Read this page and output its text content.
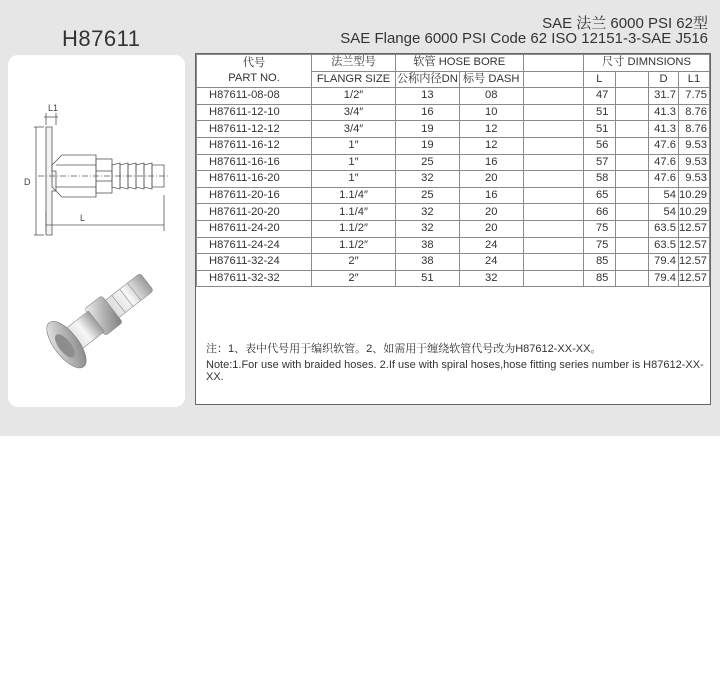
H87611
SAE 法兰 6000 PSI 62型
SAE Flange 6000 PSI Code 62 ISO 12151-3-SAE J516
L1
D
L
代号
PART NO.	法兰型号	软管 HOSE BORE			尺寸 DIMNSIONS			
	FLANGR SIZE	公称内径DN	标号 DASH		L		D	L1
H87611-08-08	1/2″	13	08		47		31.7	7.75
H87611-12-10	3/4″	16	10		51		41.3	8.76
H87611-12-12	3/4″	19	12		51		41.3	8.76
H87611-16-12	1″	19	12		56		47.6	9.53
H87611-16-16	1″	25	16		57		47.6	9.53
H87611-16-20	1″	32	20		58		47.6	9.53
H87611-20-16	1.1/4″	25	16		65		54	10.29
H87611-20-20	1.1/4″	32	20		66		54	10.29
H87611-24-20	1.1/2″	32	20		75		63.5	12.57
H87611-24-24	1.1/2″	38	24		75		63.5	12.57
H87611-32-24	2″	38	24		85		79.4	12.57
H87611-32-32	2″	51	32		85		79.4	12.57
注：1、表中代号用于编织软管。2、如需用于缠绕软管代号改为H87612-XX-XX。
Note:1.For use with braided hoses. 2.If use with spiral hoses,hose fitting series number is H87612-XX-XX.
